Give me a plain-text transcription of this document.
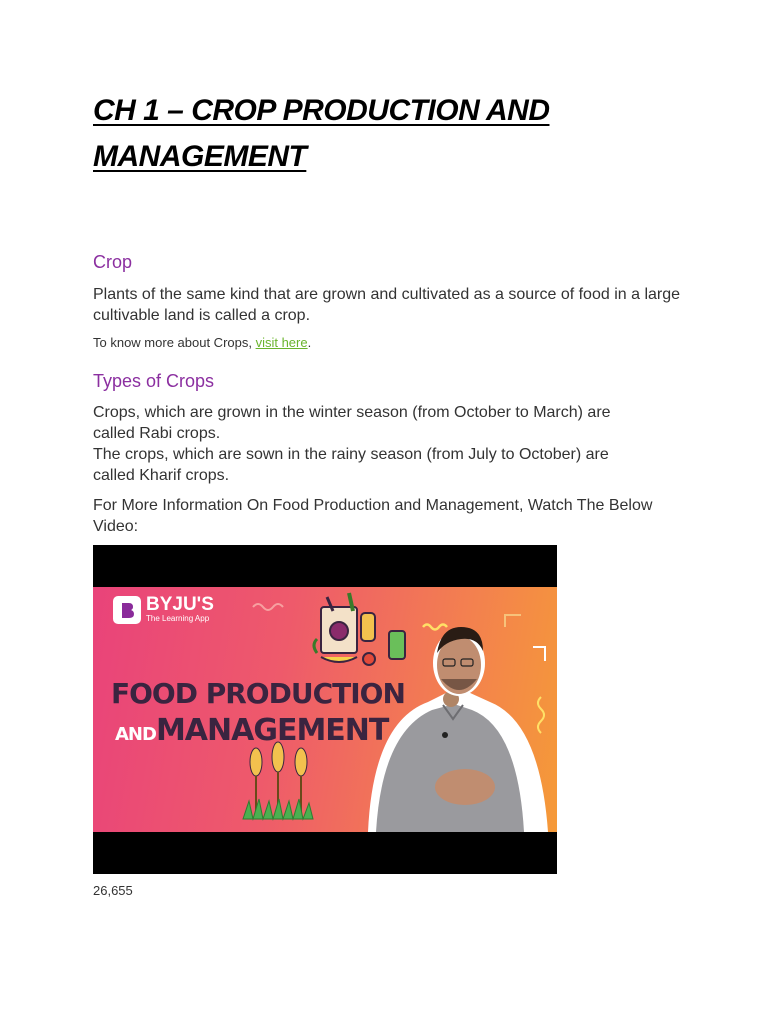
CH 1 – CROP PRODUCTION AND MANAGEMENT
Crop

Plants of the same kind that are grown and cultivated as a source of food in a large cultivable land is called a crop.

To know more about Crops, visit here.

Types of Crops

Crops, which are grown in the winter season (from October to March) are called Rabi crops.

The crops, which are sown in the rainy season (from July to October) are called Kharif crops.

For More Information On Food Production and Management, Watch The Below Video:

BYJU'S
The Learning App
FOOD PRODUCTION
ANDMANAGEMENT

26,655
